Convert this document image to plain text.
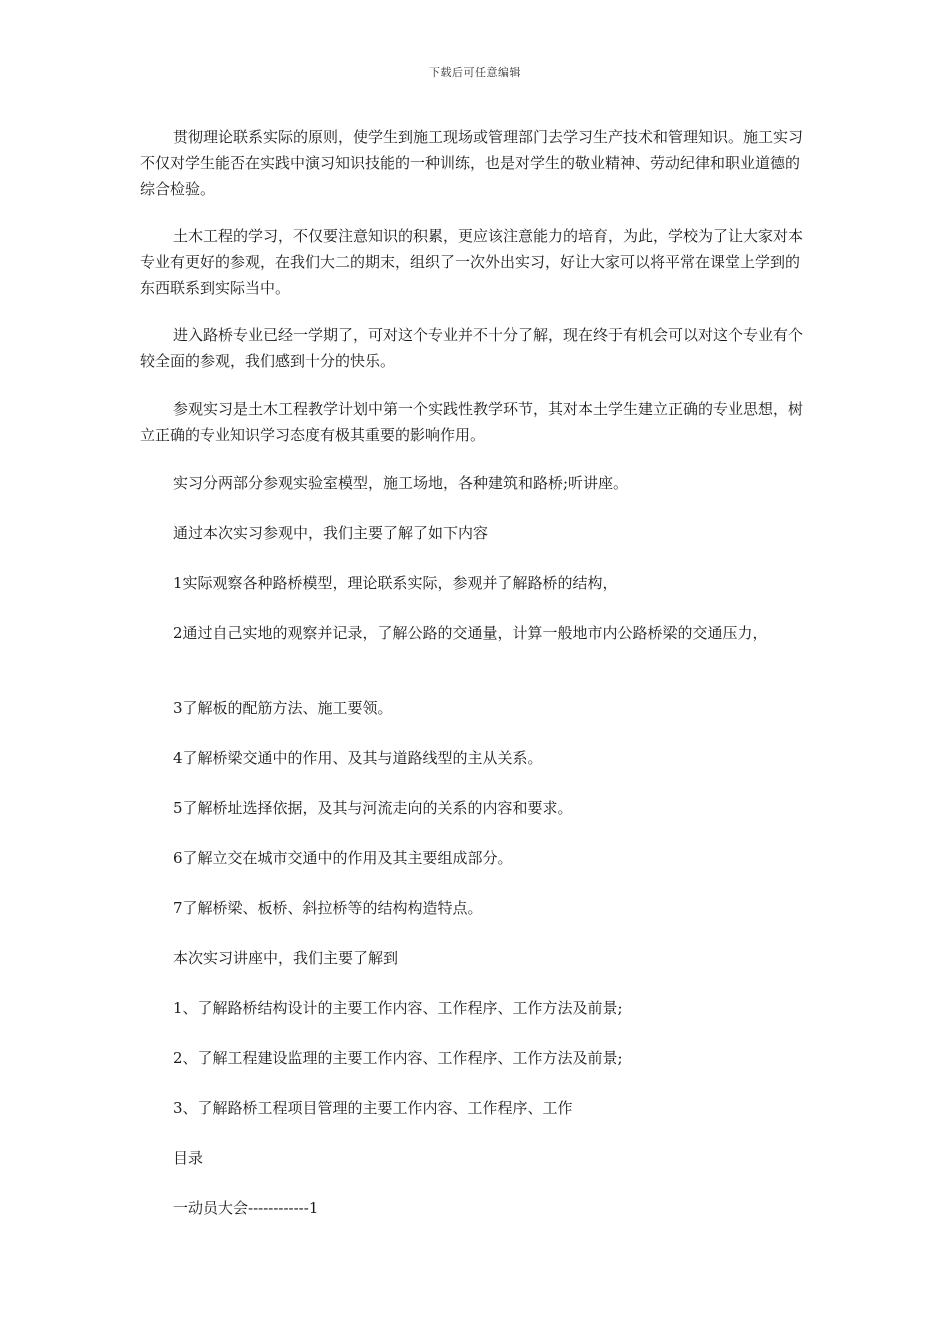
下载后可任意编辑

贯彻理论联系实际的原则，使学生到施工现场或管理部门去学习生产技术和管理知识。施工实习不仅对学生能否在实践中演习知识技能的一种训练，也是对学生的敬业精神、劳动纪律和职业道德的综合检验。

土木工程的学习，不仅要注意知识的积累，更应该注意能力的培育，为此，学校为了让大家对本专业有更好的参观，在我们大二的期末，组织了一次外出实习，好让大家可以将平常在课堂上学到的东西联系到实际当中。

进入路桥专业已经一学期了，可对这个专业并不十分了解，现在终于有机会可以对这个专业有个较全面的参观，我们感到十分的快乐。

参观实习是土木工程教学计划中第一个实践性教学环节，其对本土学生建立正确的专业思想，树立正确的专业知识学习态度有极其重要的影响作用。

实习分两部分参观实验室模型，施工场地，各种建筑和路桥;听讲座。

通过本次实习参观中，我们主要了解了如下内容

1实际观察各种路桥模型，理论联系实际，参观并了解路桥的结构，

2通过自己实地的观察并记录，了解公路的交通量，计算一般地市内公路桥梁的交通压力，

3了解板的配筋方法、施工要领。

4了解桥梁交通中的作用、及其与道路线型的主从关系。

5了解桥址选择依据，及其与河流走向的关系的内容和要求。

6了解立交在城市交通中的作用及其主要组成部分。

7了解桥梁、板桥、斜拉桥等的结构构造特点。

本次实习讲座中，我们主要了解到

1、了解路桥结构设计的主要工作内容、工作程序、工作方法及前景;

2、了解工程建设监理的主要工作内容、工作程序、工作方法及前景;

3、了解路桥工程项目管理的主要工作内容、工作程序、工作

目录

一动员大会------------1
